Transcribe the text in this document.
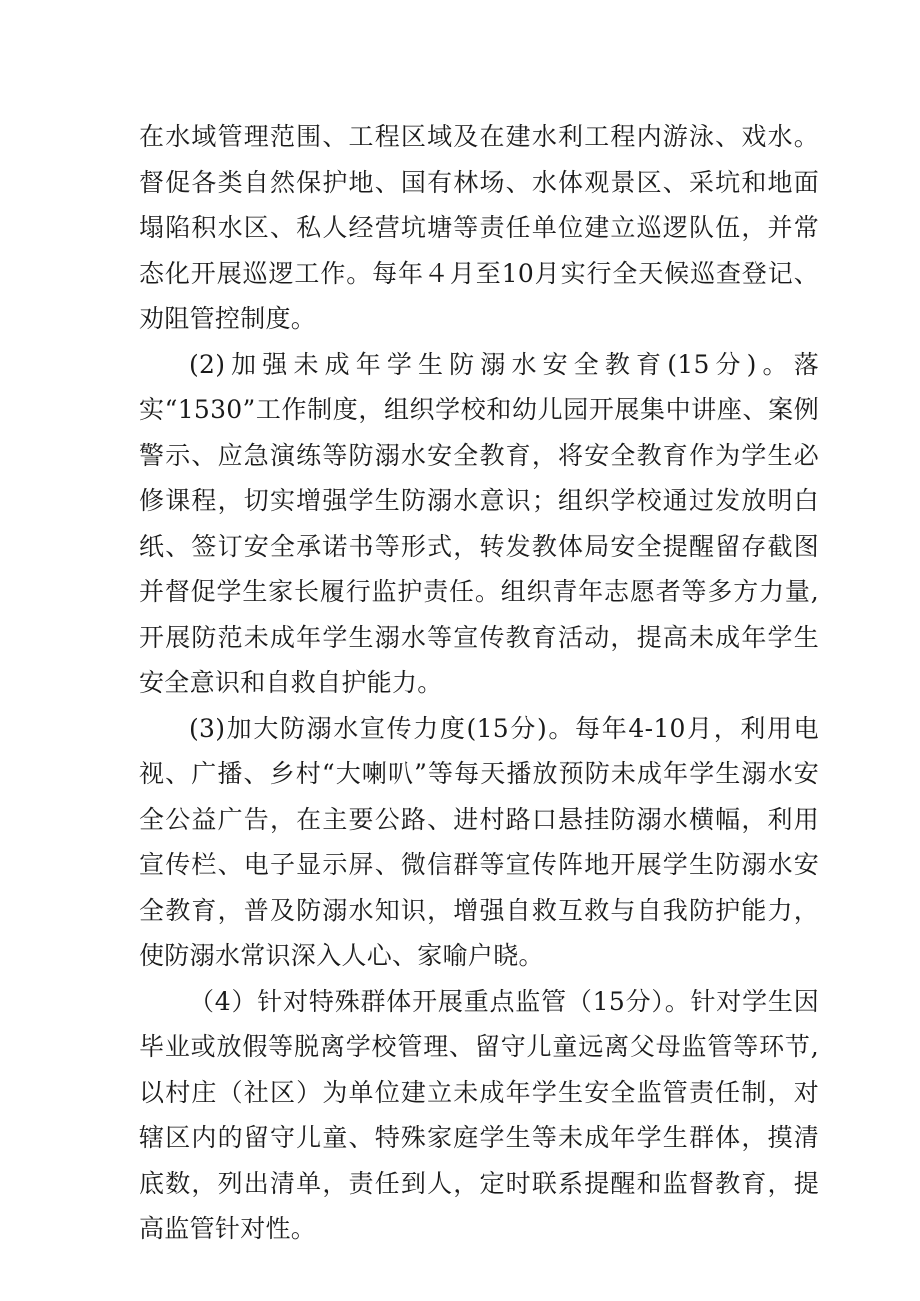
在水域管理范围、工程区域及在建水利工程内游泳、戏水。督促各类自然保护地、国有林场、水体观景区、采坑和地面塌陷积水区、私人经营坑塘等责任单位建立巡逻队伍，并常态化开展巡逻工作。每年４月至10月实行全天候巡查登记、劝阻管控制度。

(2)加强未成年学生防溺水安全教育(15分)。落实“1530”工作制度，组织学校和幼儿园开展集中讲座、案例警示、应急演练等防溺水安全教育，将安全教育作为学生必修课程，切实增强学生防溺水意识；组织学校通过发放明白纸、签订安全承诺书等形式，转发教体局安全提醒留存截图并督促学生家长履行监护责任。组织青年志愿者等多方力量,开展防范未成年学生溺水等宣传教育活动，提高未成年学生安全意识和自救自护能力。

(3)加大防溺水宣传力度(15分)。每年4-10月，利用电视、广播、乡村“大喇叭”等每天播放预防未成年学生溺水安全公益广告，在主要公路、进村路口悬挂防溺水横幅，利用宣传栏、电子显示屏、微信群等宣传阵地开展学生防溺水安全教育，普及防溺水知识，增强自救互救与自我防护能力，使防溺水常识深入人心、家喻户晓。

（4）针对特殊群体开展重点监管（15分）。针对学生因毕业或放假等脱离学校管理、留守儿童远离父母监管等环节,以村庄（社区）为单位建立未成年学生安全监管责任制，对辖区内的留守儿童、特殊家庭学生等未成年学生群体，摸清底数，列出清单，责任到人，定时联系提醒和监督教育，提高监管针对性。
